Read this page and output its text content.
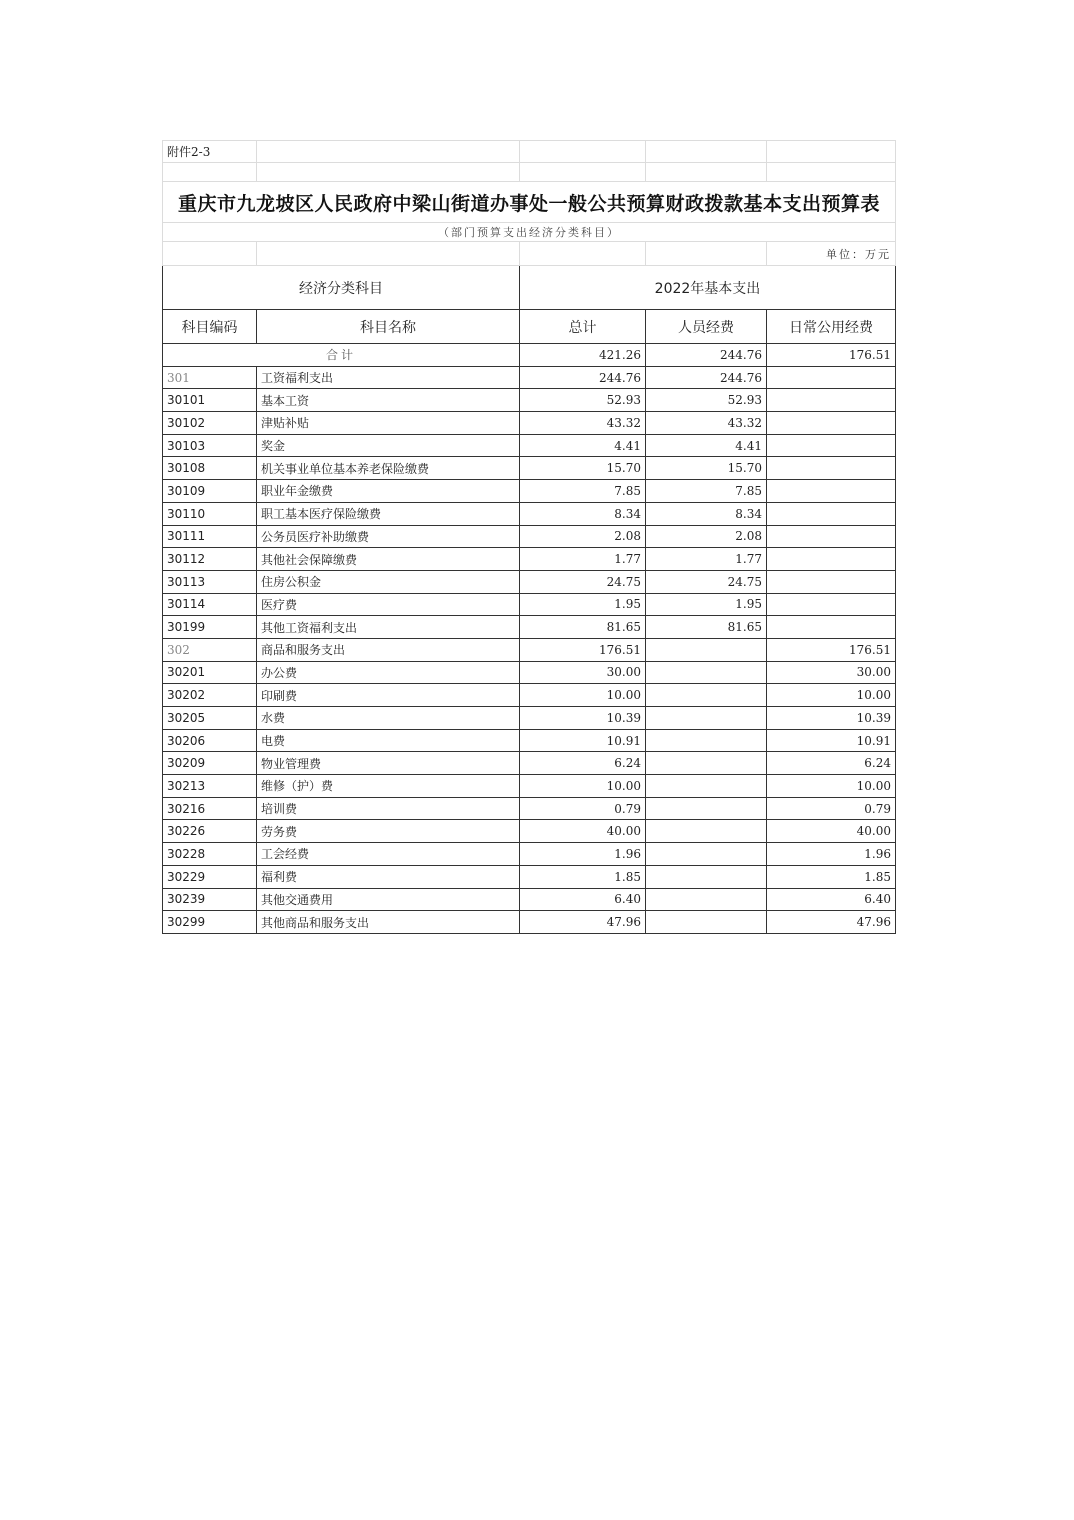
附件2-3				

重庆市九龙坡区人民政府中梁山街道办事处一般公共预算财政拨款基本支出预算表				
（部门预算支出经济分类科目）				
				单位：万元
经济分类科目		2022年基本支出		
科目编码	科目名称	总计	人员经费	日常公用经费
合计		421.26	244.76	176.51
301	工资福利支出	244.76	244.76	
30101	基本工资	52.93	52.93	
30102	津贴补贴	43.32	43.32	
30103	奖金	4.41	4.41	
30108	机关事业单位基本养老保险缴费	15.70	15.70	
30109	职业年金缴费	7.85	7.85	
30110	职工基本医疗保险缴费	8.34	8.34	
30111	公务员医疗补助缴费	2.08	2.08	
30112	其他社会保障缴费	1.77	1.77	
30113	住房公积金	24.75	24.75	
30114	医疗费	1.95	1.95	
30199	其他工资福利支出	81.65	81.65	
302	商品和服务支出	176.51		176.51
30201	办公费	30.00		30.00
30202	印刷费	10.00		10.00
30205	水费	10.39		10.39
30206	电费	10.91		10.91
30209	物业管理费	6.24		6.24
30213	维修（护）费	10.00		10.00
30216	培训费	0.79		0.79
30226	劳务费	40.00		40.00
30228	工会经费	1.96		1.96
30229	福利费	1.85		1.85
30239	其他交通费用	6.40		6.40
30299	其他商品和服务支出	47.96		47.96
